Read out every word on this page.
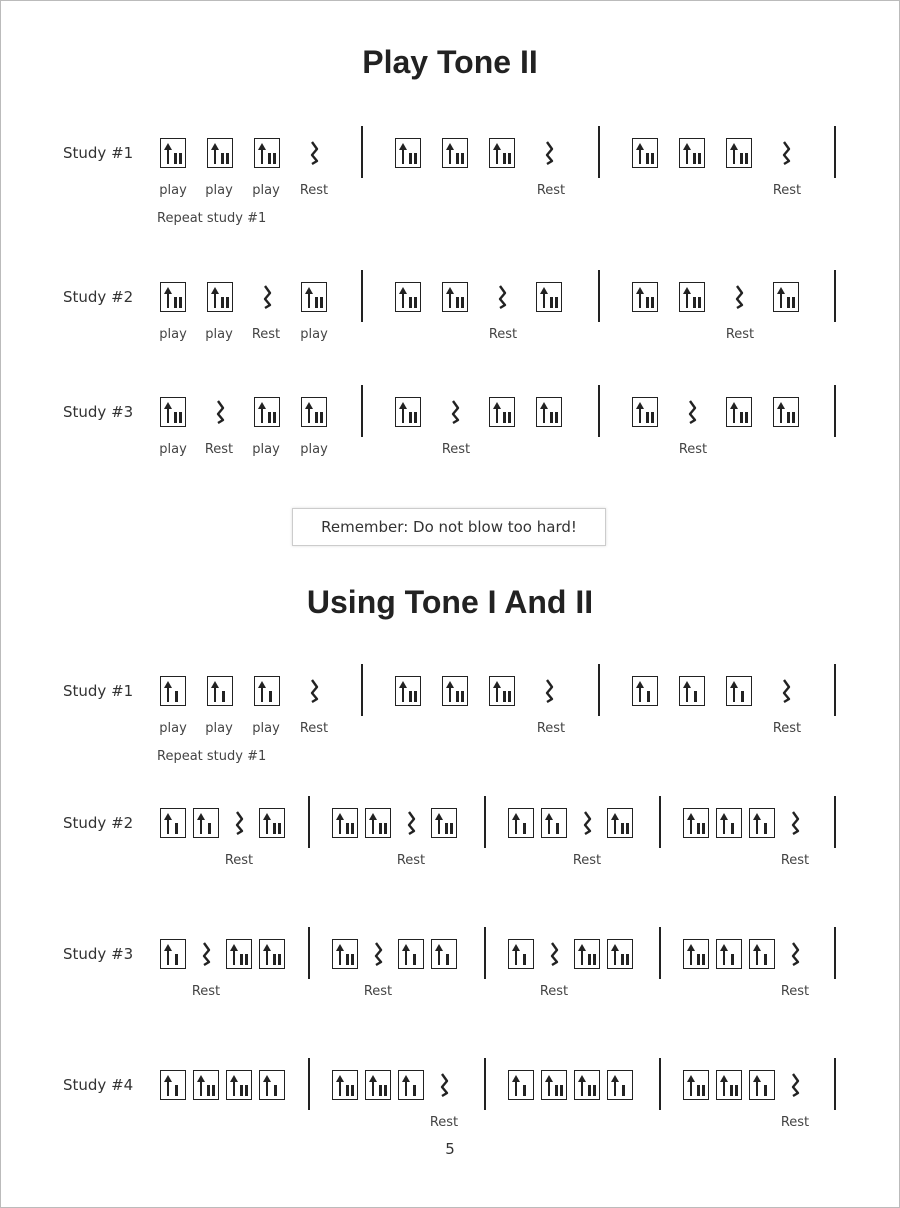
Play Tone II
Using Tone I And II
Study #1
play play play Rest	Rest	Rest
Repeat study #1
Study #2
play play Rest play	Rest	Rest
Study #3
play Rest play play	Rest	Rest
Study #1
play play play Rest	Rest	Rest
Repeat study #1
Study #2
Rest	Rest	Rest	Rest
Study #3
Rest	Rest	Rest	Rest
Study #4
Rest	Rest
Remember: Do not blow too hard!
5
